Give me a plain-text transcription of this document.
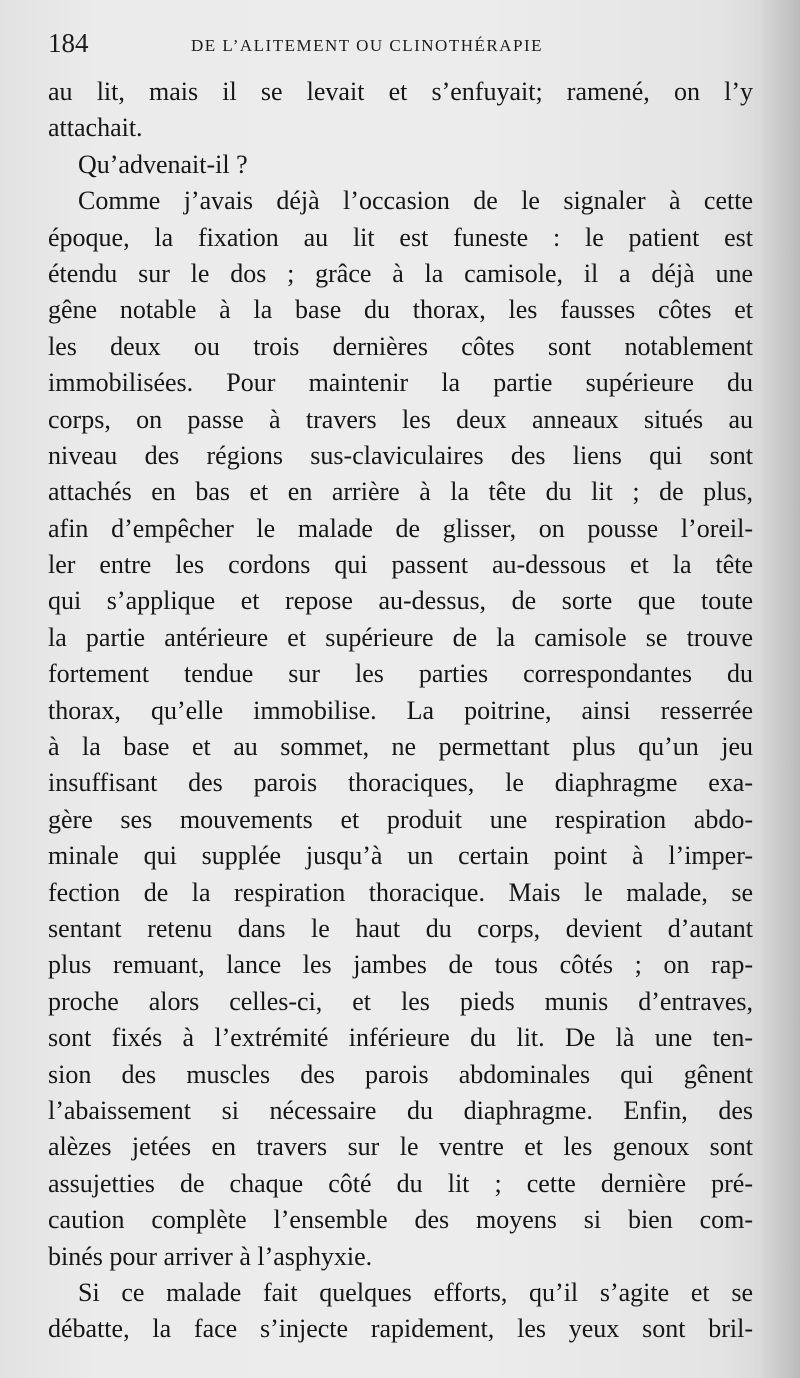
184	DE L’ALITEMENT OU CLINOTHÉRAPIE
au lit, mais il se levait et s’enfuyait; ramené, on l’y
attachait.
Qu’advenait-il ?
Comme j’avais déjà l’occasion de le signaler à cette
époque, la fixation au lit est funeste : le patient est
étendu sur le dos ; grâce à la camisole, il a déjà une
gêne notable à la base du thorax, les fausses côtes et
les deux ou trois dernières côtes sont notablement
immobilisées. Pour maintenir la partie supérieure du
corps, on passe à travers les deux anneaux situés au
niveau des régions sus-claviculaires des liens qui sont
attachés en bas et en arrière à la tête du lit ; de plus,
afin d’empêcher le malade de glisser, on pousse l’oreil-
ler entre les cordons qui passent au-dessous et la tête
qui s’applique et repose au-dessus, de sorte que toute
la partie antérieure et supérieure de la camisole se trouve
fortement tendue sur les parties correspondantes du
thorax, qu’elle immobilise. La poitrine, ainsi resserrée
à la base et au sommet, ne permettant plus qu’un jeu
insuffisant des parois thoraciques, le diaphragme exa-
gère ses mouvements et produit une respiration abdo-
minale qui supplée jusqu’à un certain point à l’imper-
fection de la respiration thoracique. Mais le malade, se
sentant retenu dans le haut du corps, devient d’autant
plus remuant, lance les jambes de tous côtés ; on rap-
proche alors celles-ci, et les pieds munis d’entraves,
sont fixés à l’extrémité inférieure du lit. De là une ten-
sion des muscles des parois abdominales qui gênent
l’abaissement si nécessaire du diaphragme. Enfin, des
alèzes jetées en travers sur le ventre et les genoux sont
assujetties de chaque côté du lit ; cette dernière pré-
caution complète l’ensemble des moyens si bien com-
binés pour arriver à l’asphyxie.
Si ce malade fait quelques efforts, qu’il s’agite et se
débatte, la face s’injecte rapidement, les yeux sont bril-
